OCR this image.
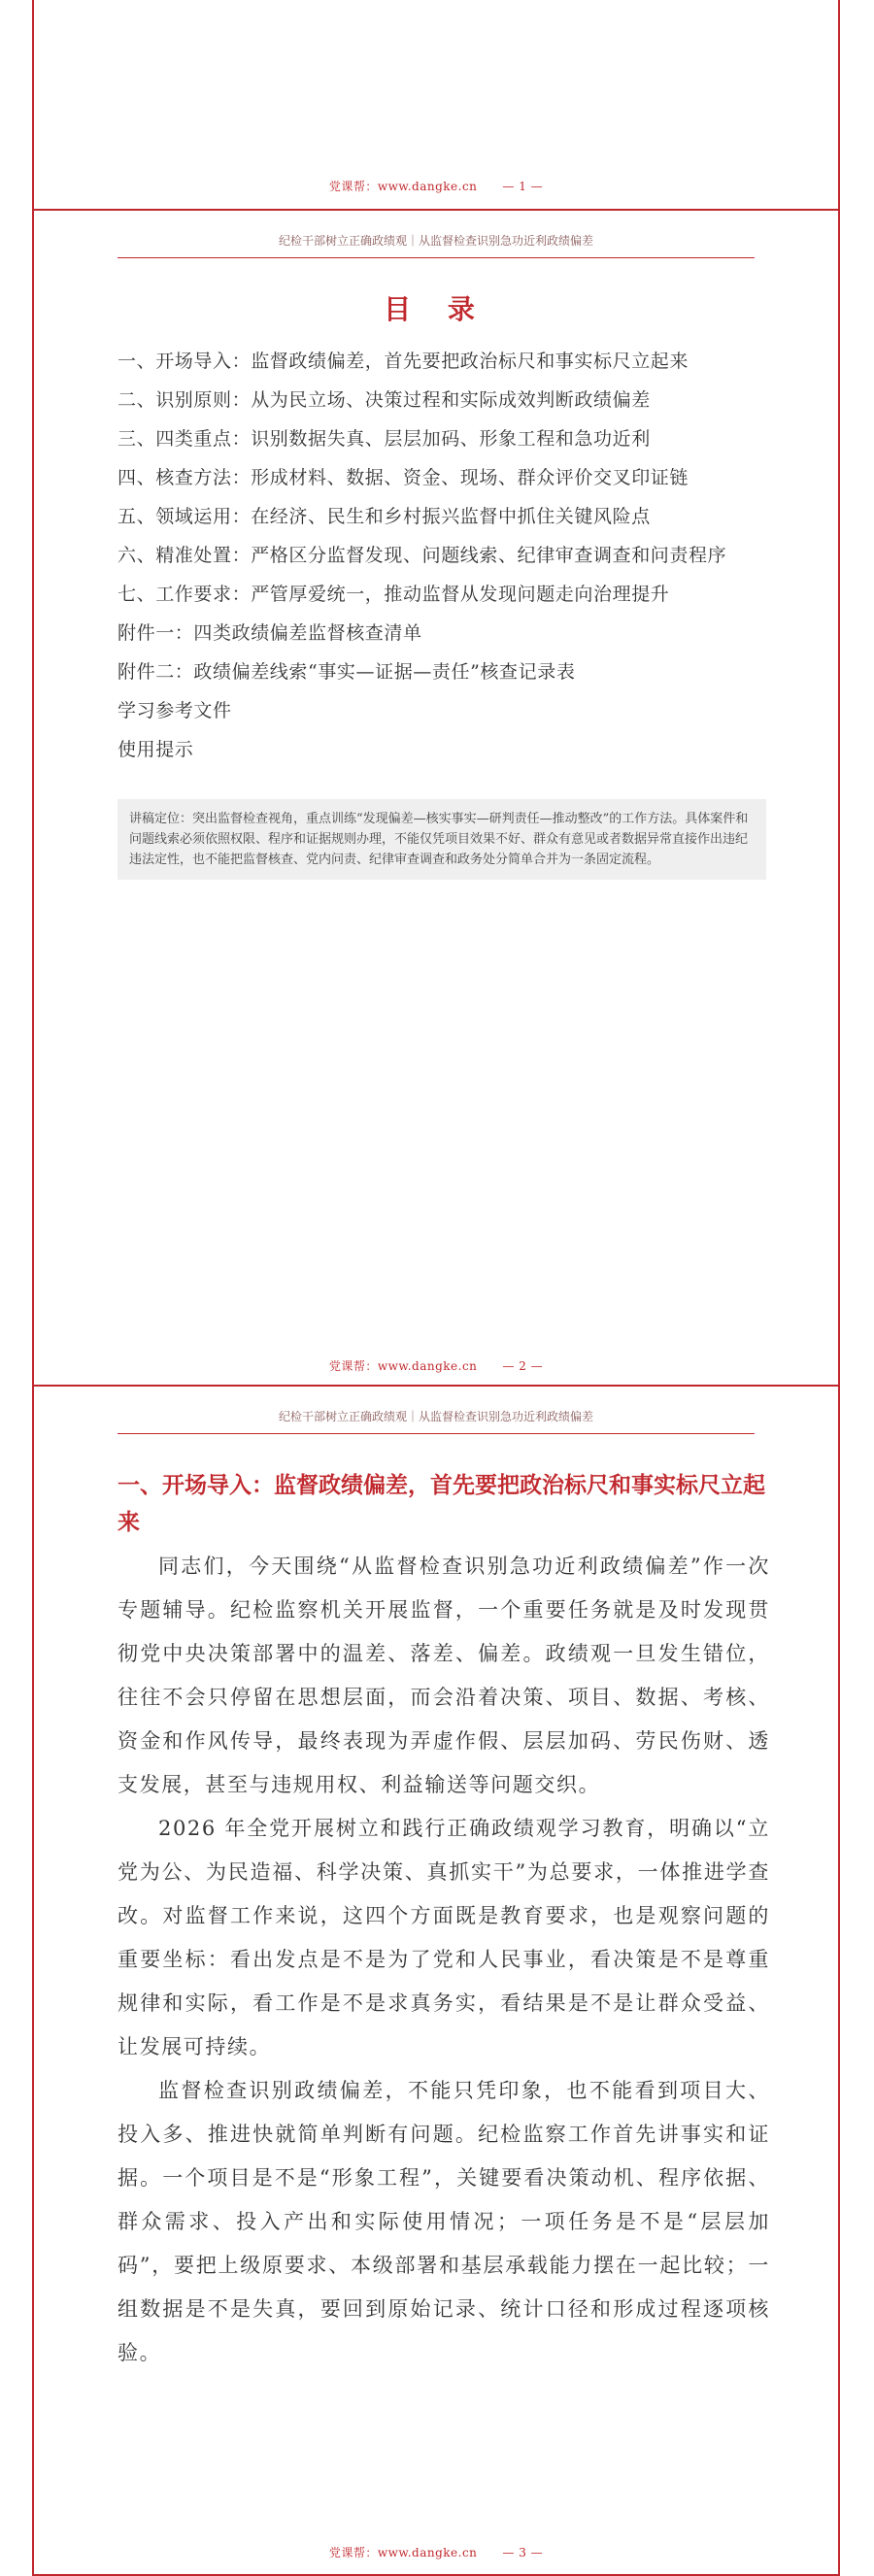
党课帮：www.dangke.cn — 1 —
纪检干部树立正确政绩观｜从监督检查识别急功近利政绩偏差
目 录
一、开场导入：监督政绩偏差，首先要把政治标尺和事实标尺立起来
二、识别原则：从为民立场、决策过程和实际成效判断政绩偏差
三、四类重点：识别数据失真、层层加码、形象工程和急功近利
四、核查方法：形成材料、数据、资金、现场、群众评价交叉印证链
五、领域运用：在经济、民生和乡村振兴监督中抓住关键风险点
六、精准处置：严格区分监督发现、问题线索、纪律审查调查和问责程序
七、工作要求：严管厚爱统一，推动监督从发现问题走向治理提升
附件一：四类政绩偏差监督核查清单
附件二：政绩偏差线索“事实—证据—责任”核查记录表
学习参考文件
使用提示
讲稿定位：突出监督检查视角，重点训练“发现偏差—核实事实—研判责任—推动整改”的工作方法。具体案件和问题线索必须依照权限、程序和证据规则办理，不能仅凭项目效果不好、群众有意见或者数据异常直接作出违纪违法定性，也不能把监督核查、党内问责、纪律审查调查和政务处分简单合并为一条固定流程。
党课帮：www.dangke.cn — 2 —
纪检干部树立正确政绩观｜从监督检查识别急功近利政绩偏差
一、开场导入：监督政绩偏差，首先要把政治标尺和事实标尺立起来

同志们，今天围绕“从监督检查识别急功近利政绩偏差”作一次专题辅导。纪检监察机关开展监督，一个重要任务就是及时发现贯彻党中央决策部署中的温差、落差、偏差。政绩观一旦发生错位，往往不会只停留在思想层面，而会沿着决策、项目、数据、考核、资金和作风传导，最终表现为弄虚作假、层层加码、劳民伤财、透支发展，甚至与违规用权、利益输送等问题交织。

2026 年全党开展树立和践行正确政绩观学习教育，明确以“立党为公、为民造福、科学决策、真抓实干”为总要求，一体推进学查改。对监督工作来说，这四个方面既是教育要求，也是观察问题的重要坐标：看出发点是不是为了党和人民事业，看决策是不是尊重规律和实际，看工作是不是求真务实，看结果是不是让群众受益、让发展可持续。

监督检查识别政绩偏差，不能只凭印象，也不能看到项目大、投入多、推进快就简单判断有问题。纪检监察工作首先讲事实和证据。一个项目是不是“形象工程”，关键要看决策动机、程序依据、群众需求、投入产出和实际使用情况；一项任务是不是“层层加码”，要把上级原要求、本级部署和基层承载能力摆在一起比较；一组数据是不是失真，要回到原始记录、统计口径和形成过程逐项核验。

党课帮：www.dangke.cn — 3 —
